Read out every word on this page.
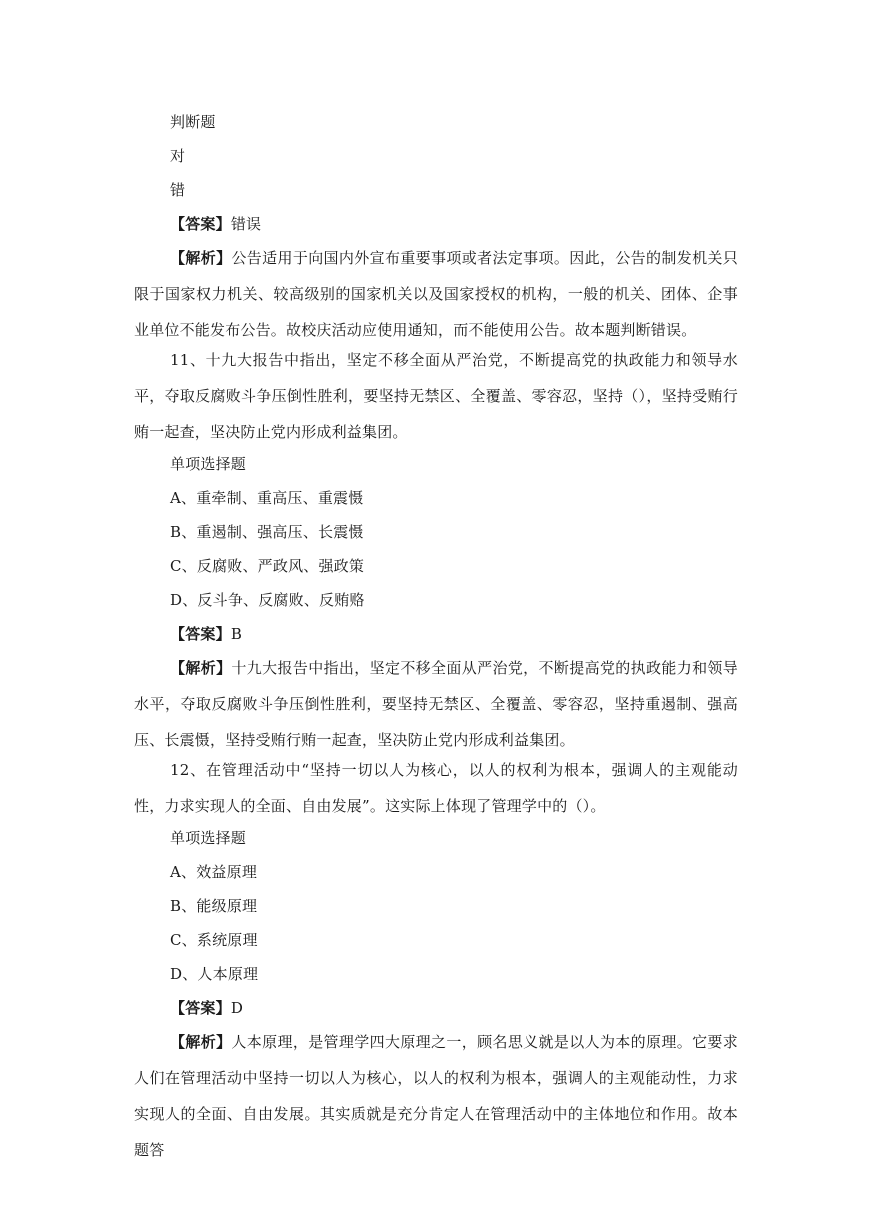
判断题
对
错
【答案】错误

【解析】公告适用于向国内外宣布重要事项或者法定事项。因此，公告的制发机关只限于国家权力机关、较高级别的国家机关以及国家授权的机构，一般的机关、团体、企事业单位不能发布公告。故校庆活动应使用通知，而不能使用公告。故本题判断错误。

11、十九大报告中指出，坚定不移全面从严治党，不断提高党的执政能力和领导水平，夺取反腐败斗争压倒性胜利，要坚持无禁区、全覆盖、零容忍，坚持（），坚持受贿行贿一起查，坚决防止党内形成利益集团。

单项选择题
A、重牵制、重高压、重震慑
B、重遏制、强高压、长震慑
C、反腐败、严政风、强政策
D、反斗争、反腐败、反贿赂
【答案】B

【解析】十九大报告中指出，坚定不移全面从严治党，不断提高党的执政能力和领导水平，夺取反腐败斗争压倒性胜利，要坚持无禁区、全覆盖、零容忍，坚持重遏制、强高压、长震慑，坚持受贿行贿一起查，坚决防止党内形成利益集团。

12、在管理活动中“坚持一切以人为核心，以人的权利为根本，强调人的主观能动性，力求实现人的全面、自由发展”。这实际上体现了管理学中的（）。

单项选择题
A、效益原理
B、能级原理
C、系统原理
D、人本原理
【答案】D

【解析】人本原理，是管理学四大原理之一，顾名思义就是以人为本的原理。它要求人们在管理活动中坚持一切以人为核心，以人的权利为根本，强调人的主观能动性，力求实现人的全面、自由发展。其实质就是充分肯定人在管理活动中的主体地位和作用。故本题答
